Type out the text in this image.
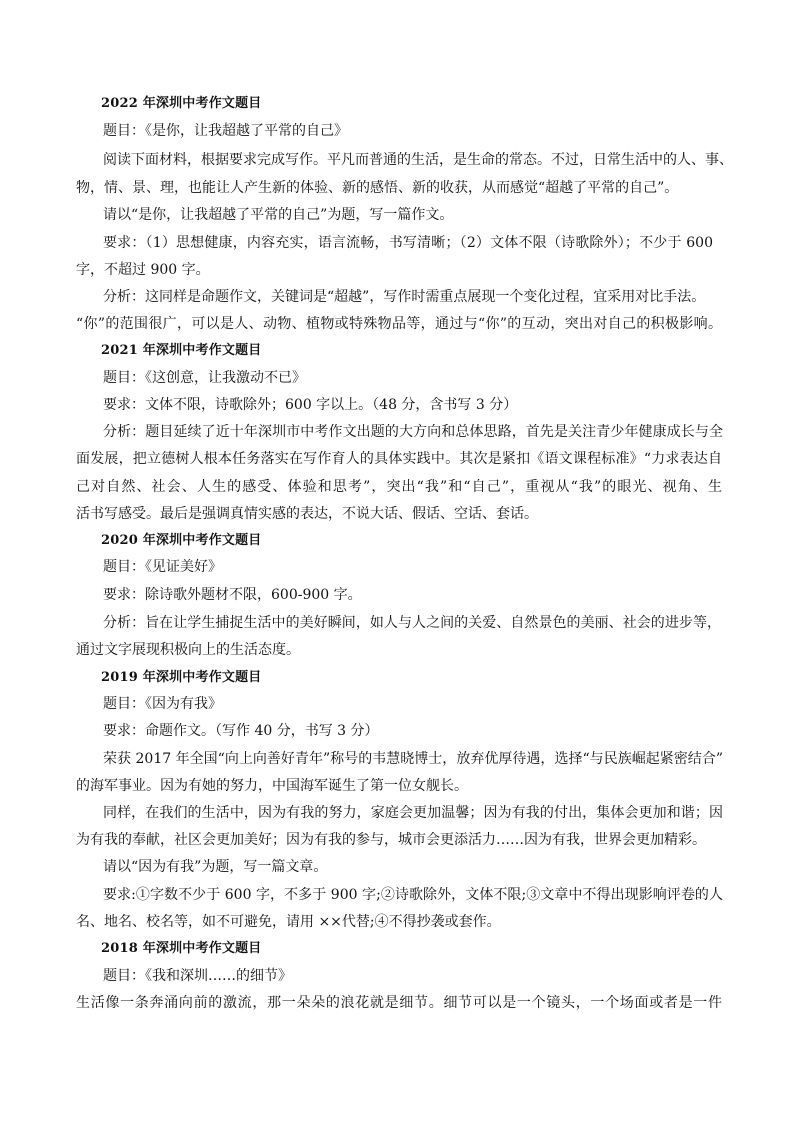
2022 年深圳中考作文题目
题目：《是你，让我超越了平常的自己》
阅读下面材料，根据要求完成写作。平凡而普通的生活，是生命的常态。不过，日常生活中的人、事、
物，情、景、理，也能让人产生新的体验、新的感悟、新的收获，从而感觉“超越了平常的自己”。
请以“是你，让我超越了平常的自己”为题，写一篇作文。
要求：（1）思想健康，内容充实，语言流畅，书写清晰；（2）文体不限（诗歌除外）；不少于 600
字，不超过 900 字。
分析：这同样是命题作文，关键词是“超越”，写作时需重点展现一个变化过程，宜采用对比手法。
“你”的范围很广，可以是人、动物、植物或特殊物品等，通过与“你”的互动，突出对自己的积极影响。
2021 年深圳中考作文题目
题目：《这创意，让我激动不已》
要求：文体不限，诗歌除外；600 字以上。（48 分，含书写 3 分）
分析：题目延续了近十年深圳市中考作文出题的大方向和总体思路，首先是关注青少年健康成长与全
面发展，把立德树人根本任务落实在写作育人的具体实践中。其次是紧扣《语文课程标准》“力求表达自
己对自然、社会、人生的感受、体验和思考”，突出“我”和“自己”，重视从“我”的眼光、视角、生
活书写感受。最后是强调真情实感的表达，不说大话、假话、空话、套话。
2020 年深圳中考作文题目
题目：《见证美好》
要求：除诗歌外题材不限，600-900 字。
分析：旨在让学生捕捉生活中的美好瞬间，如人与人之间的关爱、自然景色的美丽、社会的进步等，
通过文字展现积极向上的生活态度。
2019 年深圳中考作文题目
题目：《因为有我》
要求：命题作文。（写作 40 分，书写 3 分）
荣获 2017 年全国“向上向善好青年”称号的韦慧晓博士，放弃优厚待遇，选择“与民族崛起紧密结合”
的海军事业。因为有她的努力，中国海军诞生了第一位女舰长。
同样，在我们的生活中，因为有我的努力，家庭会更加温馨；因为有我的付出，集体会更加和谐；因
为有我的奉献，社区会更加美好；因为有我的参与，城市会更添活力……因为有我，世界会更加精彩。
请以“因为有我”为题，写一篇文章。
要求:①字数不少于 600 字，不多于 900 字;②诗歌除外，文体不限;③文章中不得出现影响评卷的人
名、地名、校名等，如不可避免，请用 ××代替;④不得抄袭或套作。
2018 年深圳中考作文题目
题目：《我和深圳……的细节》
生活像一条奔涌向前的激流，那一朵朵的浪花就是细节。细节可以是一个镜头，一个场面或者是一件
